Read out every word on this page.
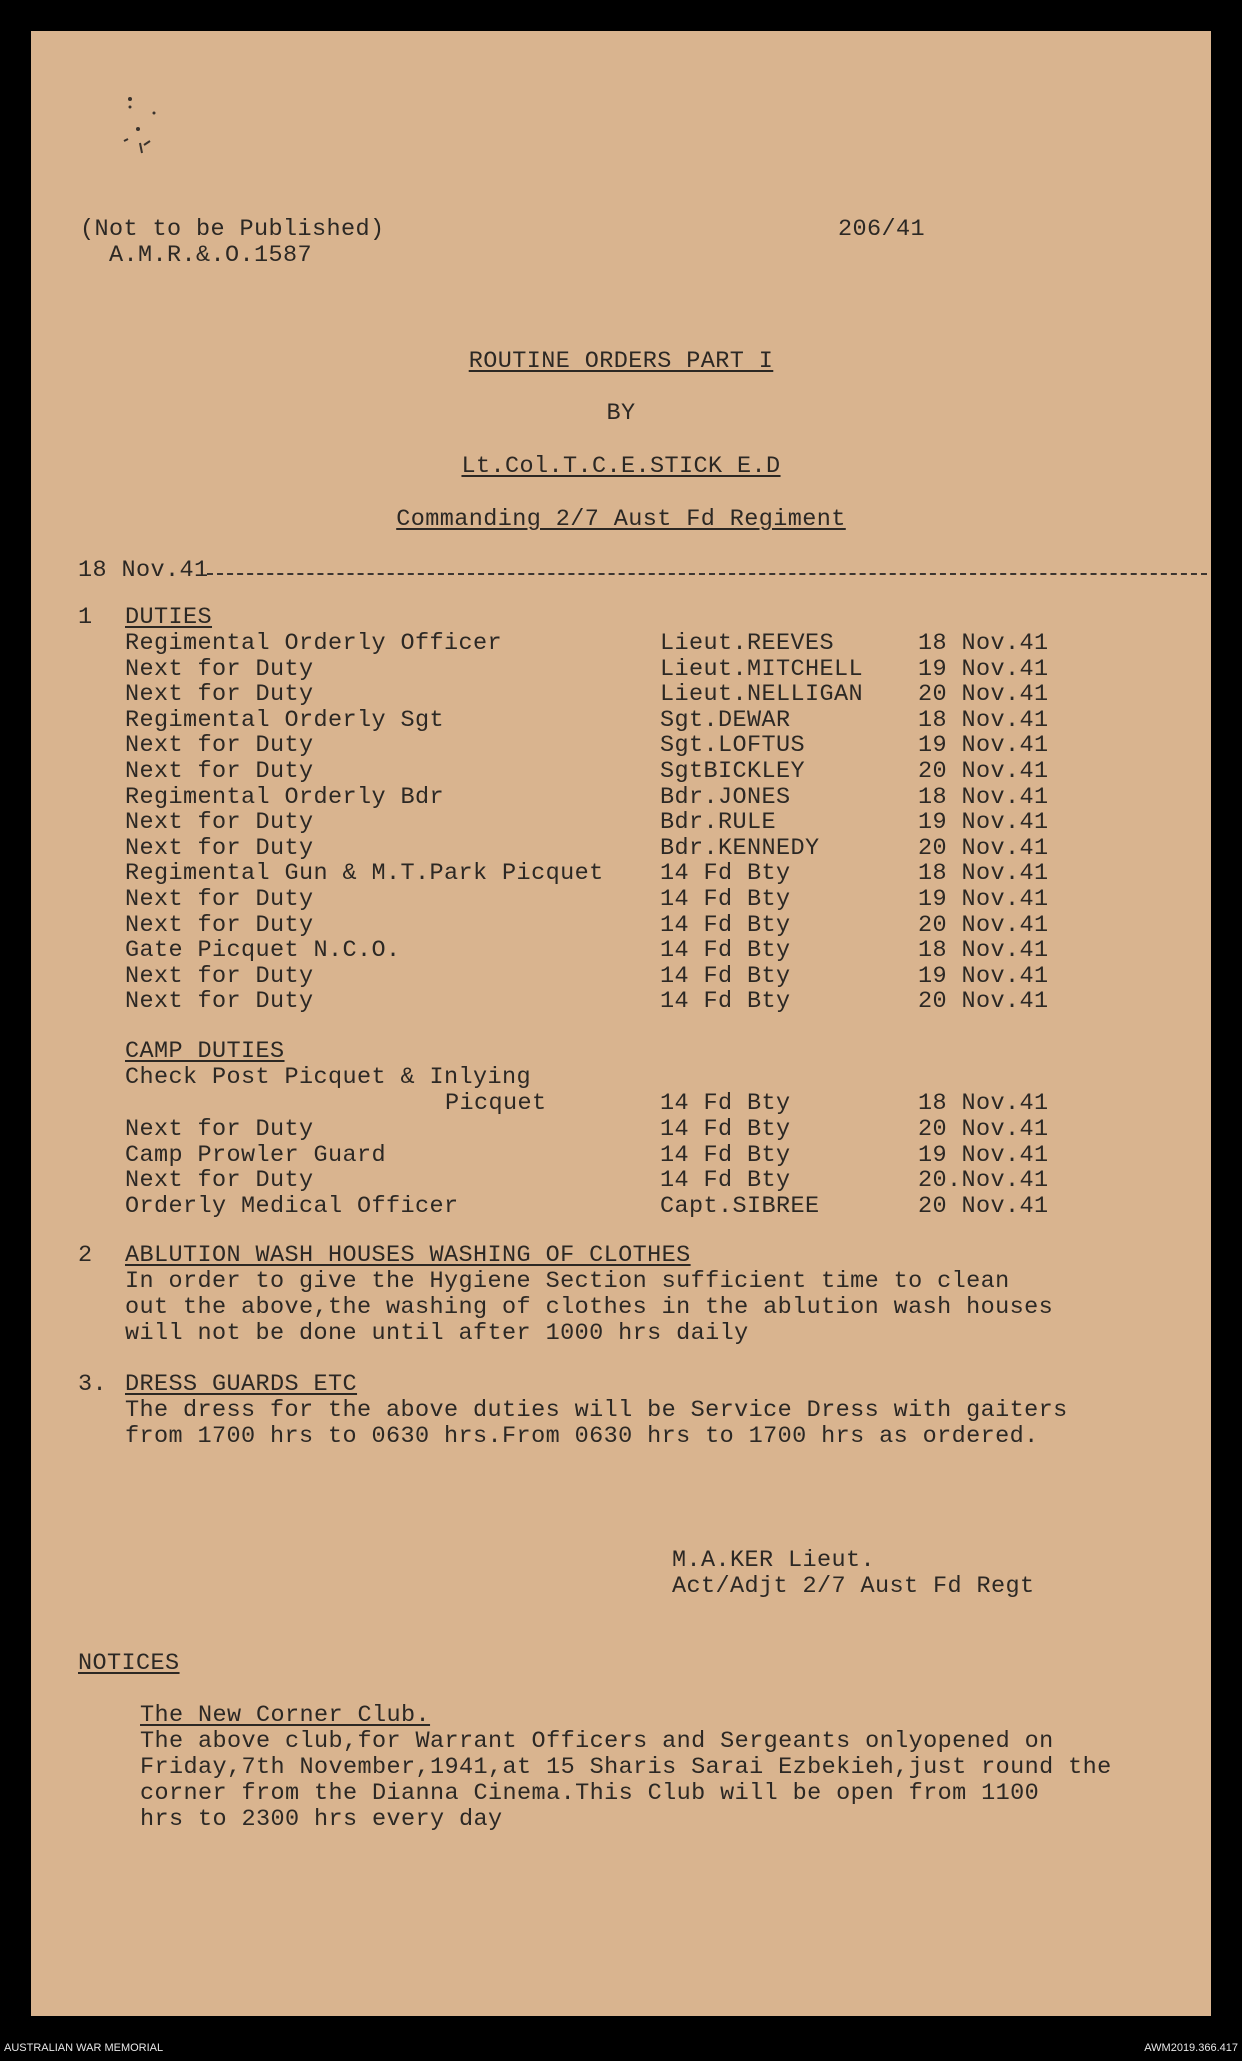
(Not to be Published)
A.M.R.&.O.1587
206/41
ROUTINE ORDERS PART I
BY
Lt.Col.T.C.E.STICK E.D
Commanding 2/7 Aust Fd Regiment
18 Nov.41
1 DUTIES
Regimental Orderly Officer	Lieut.REEVES	18 Nov.41
Next for Duty	Lieut.MITCHELL 19 Nov.41
Next for Duty	Lieut.NELLIGAN 20 Nov.41
Regimental Orderly Sgt	Sgt.DEWAR	18 Nov.41
Next for Duty	Sgt.LOFTUS	19 Nov.41
Next for Duty	SgtBICKLEY	20 Nov.41
Regimental Orderly Bdr	Bdr.JONES	18 Nov.41
Next for Duty	Bdr.RULE	19 Nov.41
Next for Duty	Bdr.KENNEDY	20 Nov.41
Regimental Gun & M.T.Park Picquet 14 Fd Bty	18 Nov.41
Next for Duty	14 Fd Bty	19 Nov.41
Next for Duty	14 Fd Bty	20 Nov.41
Gate Picquet N.C.O.	14 Fd Bty	18 Nov.41
Next for Duty	14 Fd Bty	19 Nov.41
Next for Duty	14 Fd Bty	20 Nov.41
CAMP DUTIES
Check Post Picquet & Inlying
Picquet	14 Fd Bty	18 Nov.41
Next for Duty	14 Fd Bty	20 Nov.41
Camp Prowler Guard	14 Fd Bty	19 Nov.41
Next for Duty	14 Fd Bty	20.Nov.41
Orderly Medical Officer	Capt.SIBREE	20 Nov.41
2 ABLUTION WASH HOUSES WASHING OF CLOTHES
In order to give the Hygiene Section sufficient time to clean
out the above,the washing of clothes in the ablution wash houses
will not be done until after 1000 hrs daily
3. DRESS GUARDS ETC
The dress for the above duties will be Service Dress with gaiters
from 1700 hrs to 0630 hrs.From 0630 hrs to 1700 hrs as ordered.
M.A.KER Lieut.
Act/Adjt 2/7 Aust Fd Regt
NOTICES
The New Corner Club.
The above club,for Warrant Officers and Sergeants onlyopened on
Friday,7th November,1941,at 15 Sharis Sarai Ezbekieh,just round the
corner from the Dianna Cinema.This Club will be open from 1100
hrs to 2300 hrs every day
AUSTRALIAN WAR MEMORIAL	AWM2019.366.417
